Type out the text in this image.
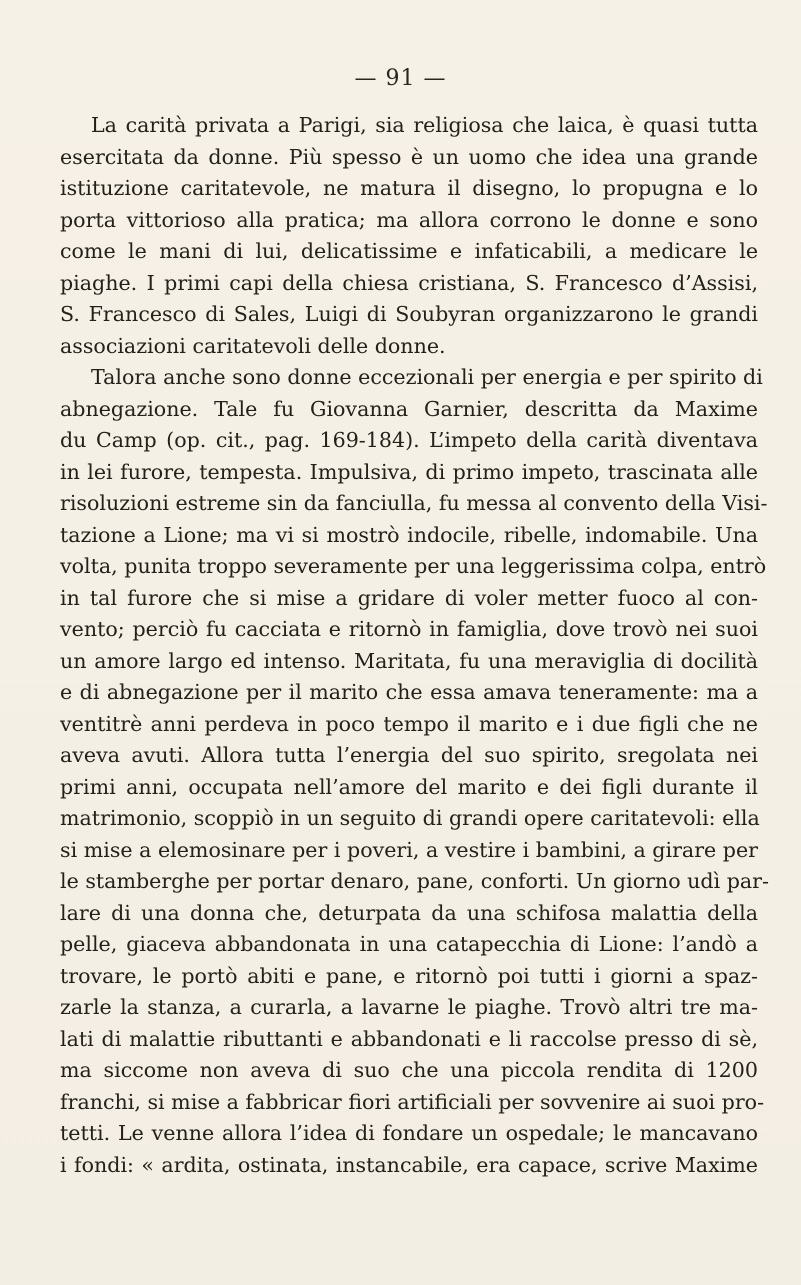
— 91 —
La carità privata a Parigi, sia religiosa che laica, è quasi tutta
esercitata da donne. Più spesso è un uomo che idea una grande
istituzione caritatevole, ne matura il disegno, lo propugna e lo
porta vittorioso alla pratica; ma allora corrono le donne e sono
come le mani di lui, delicatissime e infaticabili, a medicare le
piaghe. I primi capi della chiesa cristiana, S. Francesco d’Assisi,
S. Francesco di Sales, Luigi di Soubyran organizzarono le grandi
associazioni caritatevoli delle donne.
Talora anche sono donne eccezionali per energia e per spirito di
abnegazione. Tale fu Giovanna Garnier, descritta da Maxime
du Camp (op. cit., pag. 169-184). L’impeto della carità diventava
in lei furore, tempesta. Impulsiva, di primo impeto, trascinata alle
risoluzioni estreme sin da fanciulla, fu messa al convento della Visi-
tazione a Lione; ma vi si mostrò indocile, ribelle, indomabile. Una
volta, punita troppo severamente per una leggerissima colpa, entrò
in tal furore che si mise a gridare di voler metter fuoco al con-
vento; perciò fu cacciata e ritornò in famiglia, dove trovò nei suoi
un amore largo ed intenso. Maritata, fu una meraviglia di docilità
e di abnegazione per il marito che essa amava teneramente: ma a
ventitrè anni perdeva in poco tempo il marito e i due figli che ne
aveva avuti. Allora tutta l’energia del suo spirito, sregolata nei
primi anni, occupata nell’amore del marito e dei figli durante il
matrimonio, scoppiò in un seguito di grandi opere caritatevoli: ella
si mise a elemosinare per i poveri, a vestire i bambini, a girare per
le stamberghe per portar denaro, pane, conforti. Un giorno udì par-
lare di una donna che, deturpata da una schifosa malattia della
pelle, giaceva abbandonata in una catapecchia di Lione: l’andò a
trovare, le portò abiti e pane, e ritornò poi tutti i giorni a spaz-
zarle la stanza, a curarla, a lavarne le piaghe. Trovò altri tre ma-
lati di malattie ributtanti e abbandonati e li raccolse presso di sè,
ma siccome non aveva di suo che una piccola rendita di 1200
franchi, si mise a fabbricar fiori artificiali per sovvenire ai suoi pro-
tetti. Le venne allora l’idea di fondare un ospedale; le mancavano
i fondi: « ardita, ostinata, instancabile, era capace, scrive Maxime
